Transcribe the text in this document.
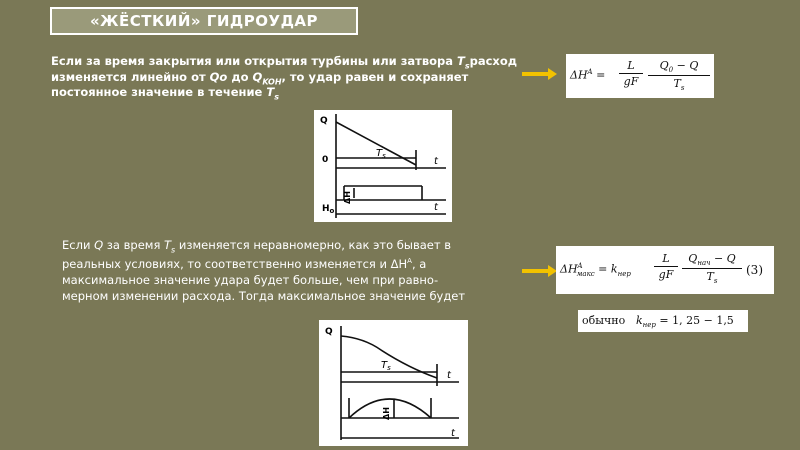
«ЖЁСТКИЙ» ГИДРОУДАР
Если за время закрытия или открытия турбины или затвора $T_sрасход$
изменяется линейно от Qo до $Q_{KOH}$, то удар равен и сохраняет
постоянное значение в течение $T_s$
$\Delta H^A$ =
L
gF
$Q_0 - Q$
$T_s$
Q
0
$T_s$	t
ΔH
$H_o$	t
Если Q за время $T_s$ изменяется неравномерно, как это бывает в
реальных условиях, то соответственно изменяется и $\Delta H^A$, а
максимальное значение удара будет больше, чем при равно-
мерном изменении расхода. Тогда максимальное значение будет
$\Delta H^A_{макс} = k_{нер}$
L
gF
$Q_{нач} - Q$
$T_s$
(3)
обычно $k_{нер} = 1$, 25 − 1,5
Q
$T_s$
t
ΔH
t
